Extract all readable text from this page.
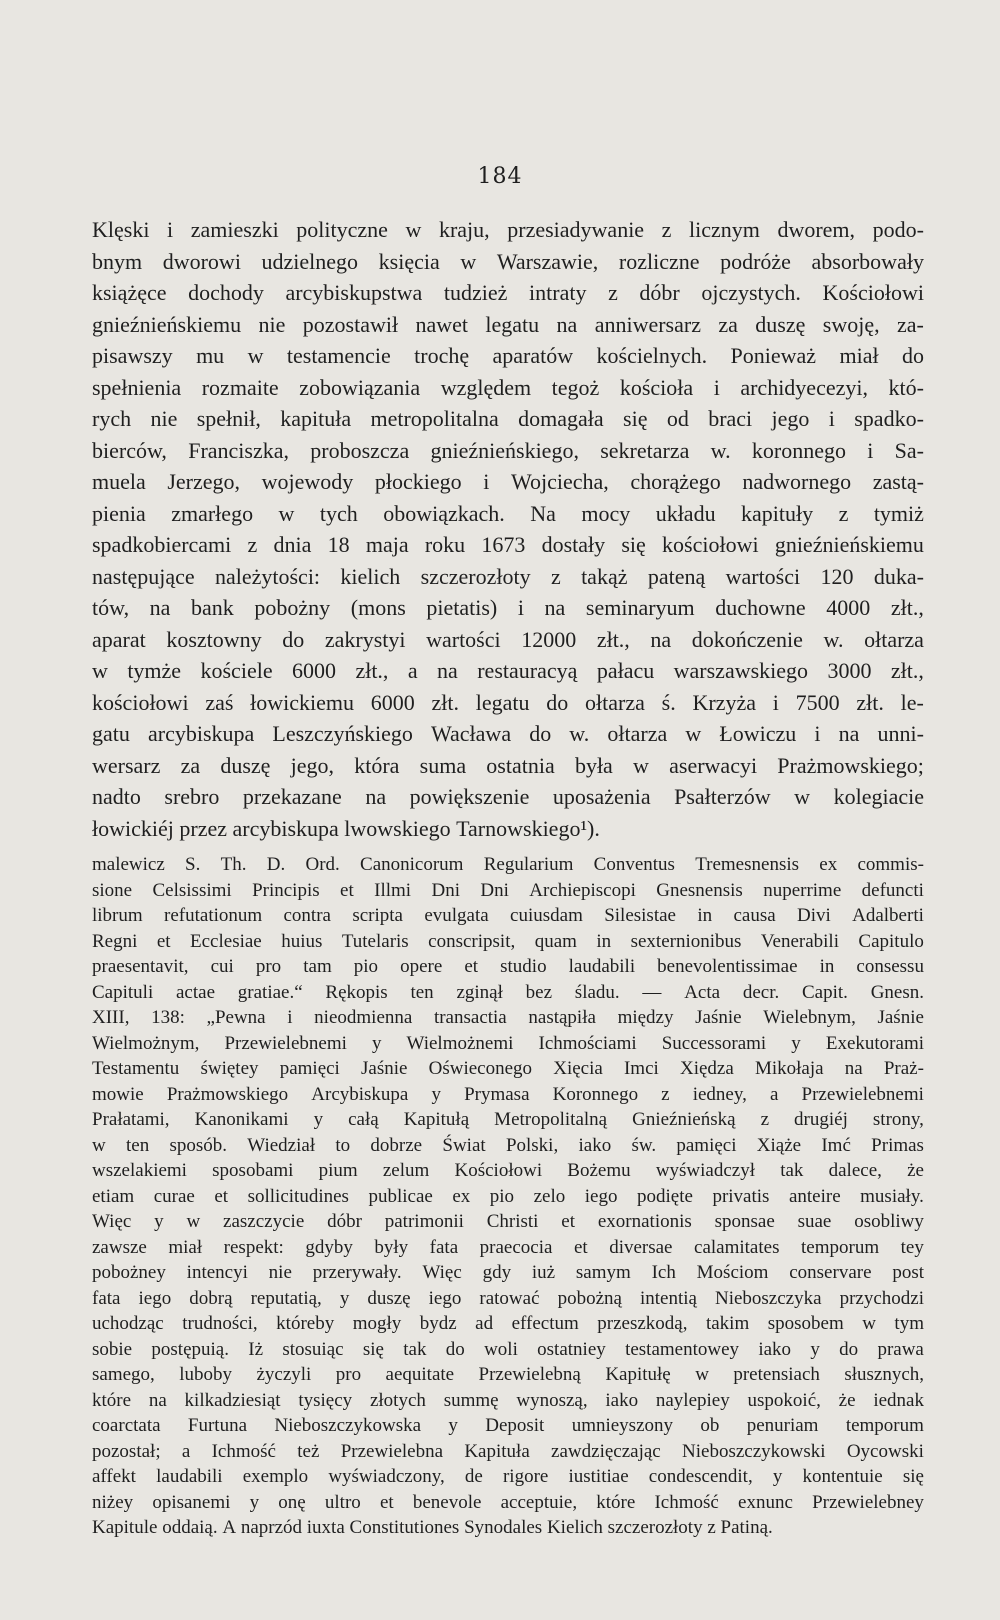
184
Klęski i zamieszki polityczne w kraju, przesiadywanie z licznym dworem, podo-
bnym dworowi udzielnego księcia w Warszawie, rozliczne podróże absorbowały
książęce dochody arcybiskupstwa tudzież intraty z dóbr ojczystych. Kościołowi
gnieźnieńskiemu nie pozostawił nawet legatu na anniwersarz za duszę swoję, za-
pisawszy mu w testamencie trochę aparatów kościelnych. Ponieważ miał do
spełnienia rozmaite zobowiązania względem tegoż kościoła i archidyecezyi, któ-
rych nie spełnił, kapituła metropolitalna domagała się od braci jego i spadko-
bierców, Franciszka, proboszcza gnieźnieńskiego, sekretarza w. koronnego i Sa-
muela Jerzego, wojewody płockiego i Wojciecha, chorążego nadwornego zastą-
pienia zmarłego w tych obowiązkach. Na mocy układu kapituły z tymiż
spadkobiercami z dnia 18 maja roku 1673 dostały się kościołowi gnieźnieńskiemu
następujące należytości: kielich szczerozłoty z takąż pateną wartości 120 duka-
tów, na bank pobożny (mons pietatis) i na seminaryum duchowne 4000 złt.,
aparat kosztowny do zakrystyi wartości 12000 złt., na dokończenie w. ołtarza
w tymże kościele 6000 złt., a na restauracyą pałacu warszawskiego 3000 złt.,
kościołowi zaś łowickiemu 6000 złt. legatu do ołtarza ś. Krzyża i 7500 złt. le-
gatu arcybiskupa Leszczyńskiego Wacława do w. ołtarza w Łowiczu i na unni-
wersarz za duszę jego, która suma ostatnia była w aserwacyi Prażmowskiego;
nadto srebro przekazane na powiększenie uposażenia Psałterzów w kolegiacie
łowickiéj przez arcybiskupa lwowskiego Tarnowskiego¹).
malewicz S. Th. D. Ord. Canonicorum Regularium Conventus Tremesnensis ex commis-
sione Celsissimi Principis et Illmi Dni Dni Archiepiscopi Gnesnensis nuperrime defuncti
librum refutationum contra scripta evulgata cuiusdam Silesistae in causa Divi Adalberti
Regni et Ecclesiae huius Tutelaris conscripsit, quam in sexternionibus Venerabili Capitulo
praesentavit, cui pro tam pio opere et studio laudabili benevolentissimae in consessu
Capituli actae gratiae.“ Rękopis ten zginął bez śladu. — Acta decr. Capit. Gnesn.
XIII, 138: „Pewna i nieodmienna transactia nastąpiła między Jaśnie Wielebnym, Jaśnie
Wielmożnym, Przewielebnemi y Wielmożnemi Ichmościami Successorami y Exekutorami
Testamentu świętey pamięci Jaśnie Oświeconego Xięcia Imci Xiędza Mikołaja na Praż-
mowie Prażmowskiego Arcybiskupa y Prymasa Koronnego z iedney, a Przewielebnemi
Prałatami, Kanonikami y całą Kapitułą Metropolitalną Gnieźnieńską z drugiéj strony,
w ten sposób. Wiedział to dobrze Świat Polski, iako św. pamięci Xiąże Imć Primas
wszelakiemi sposobami pium zelum Kościołowi Bożemu wyświadczył tak dalece, że
etiam curae et sollicitudines publicae ex pio zelo iego podięte privatis anteire musiały.
Więc y w zaszczycie dóbr patrimonii Christi et exornationis sponsae suae osobliwy
zawsze miał respekt: gdyby były fata praecocia et diversae calamitates temporum tey
pobożney intencyi nie przerywały. Więc gdy iuż samym Ich Mościom conservare post
fata iego dobrą reputatią, y duszę iego ratować pobożną intentią Nieboszczyka przychodzi
uchodząc trudności, któreby mogły bydz ad effectum przeszkodą, takim sposobem w tym
sobie postępuią. Iż stosuiąc się tak do woli ostatniey testamentowey iako y do prawa
samego, luboby życzyli pro aequitate Przewielebną Kapitułę w pretensiach słusznych,
które na kilkadziesiąt tysięcy złotych summę wynoszą, iako naylepiey uspokoić, że iednak
coarctata Furtuna Nieboszczykowska y Deposit umnieyszony ob penuriam temporum
pozostał; a Ichmość też Przewielebna Kapituła zawdzięczając Nieboszczykowski Oycowski
affekt laudabili exemplo wyświadczony, de rigore iustitiae condescendit, y kontentuie się
niżey opisanemi y onę ultro et benevole acceptuie, które Ichmość exnunc Przewielebney
Kapitule oddaią. A naprzód iuxta Constitutiones Synodales Kielich szczerozłoty z Patiną.
